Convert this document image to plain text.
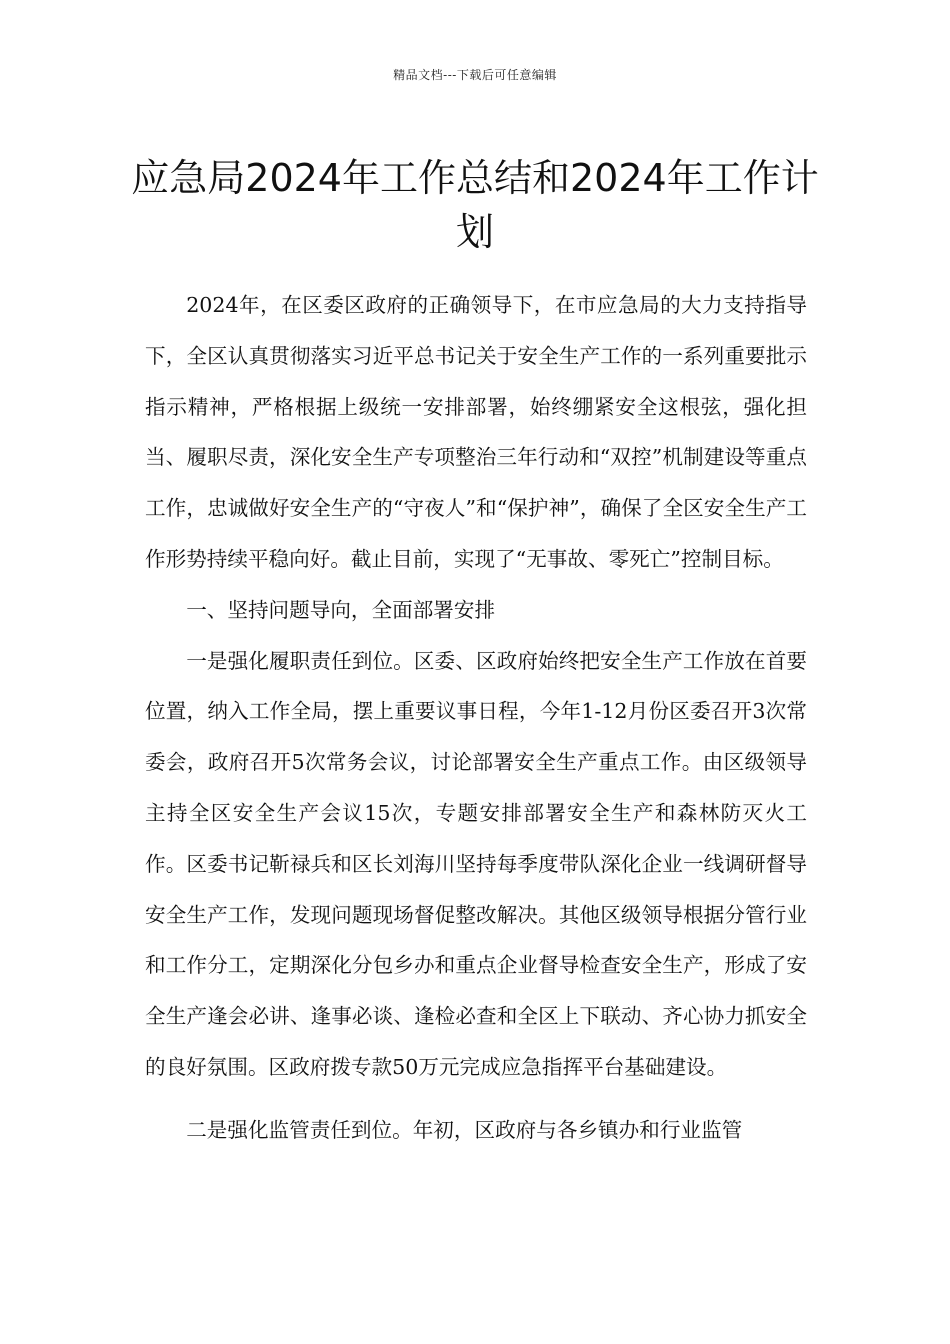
精品文档---下载后可任意编辑
应急局2024年工作总结和2024年工作计划

2024年，在区委区政府的正确领导下，在市应急局的大力支持指导下，全区认真贯彻落实习近平总书记关于安全生产工作的一系列重要批示指示精神，严格根据上级统一安排部署，始终绷紧安全这根弦，强化担当、履职尽责，深化安全生产专项整治三年行动和“双控”机制建设等重点工作，忠诚做好安全生产的“守夜人”和“保护神”，确保了全区安全生产工作形势持续平稳向好。截止目前，实现了“无事故、零死亡”控制目标。

一、坚持问题导向，全面部署安排

一是强化履职责任到位。区委、区政府始终把安全生产工作放在首要位置，纳入工作全局，摆上重要议事日程，今年1-12月份区委召开3次常委会，政府召开5次常务会议，讨论部署安全生产重点工作。由区级领导主持全区安全生产会议15次，专题安排部署安全生产和森林防灭火工作。区委书记靳禄兵和区长刘海川坚持每季度带队深化企业一线调研督导安全生产工作，发现问题现场督促整改解决。其他区级领导根据分管行业和工作分工，定期深化分包乡办和重点企业督导检查安全生产，形成了安全生产逢会必讲、逢事必谈、逢检必查和全区上下联动、齐心协力抓安全的良好氛围。区政府拨专款50万元完成应急指挥平台基础建设。

二是强化监管责任到位。年初，区政府与各乡镇办和行业监管
